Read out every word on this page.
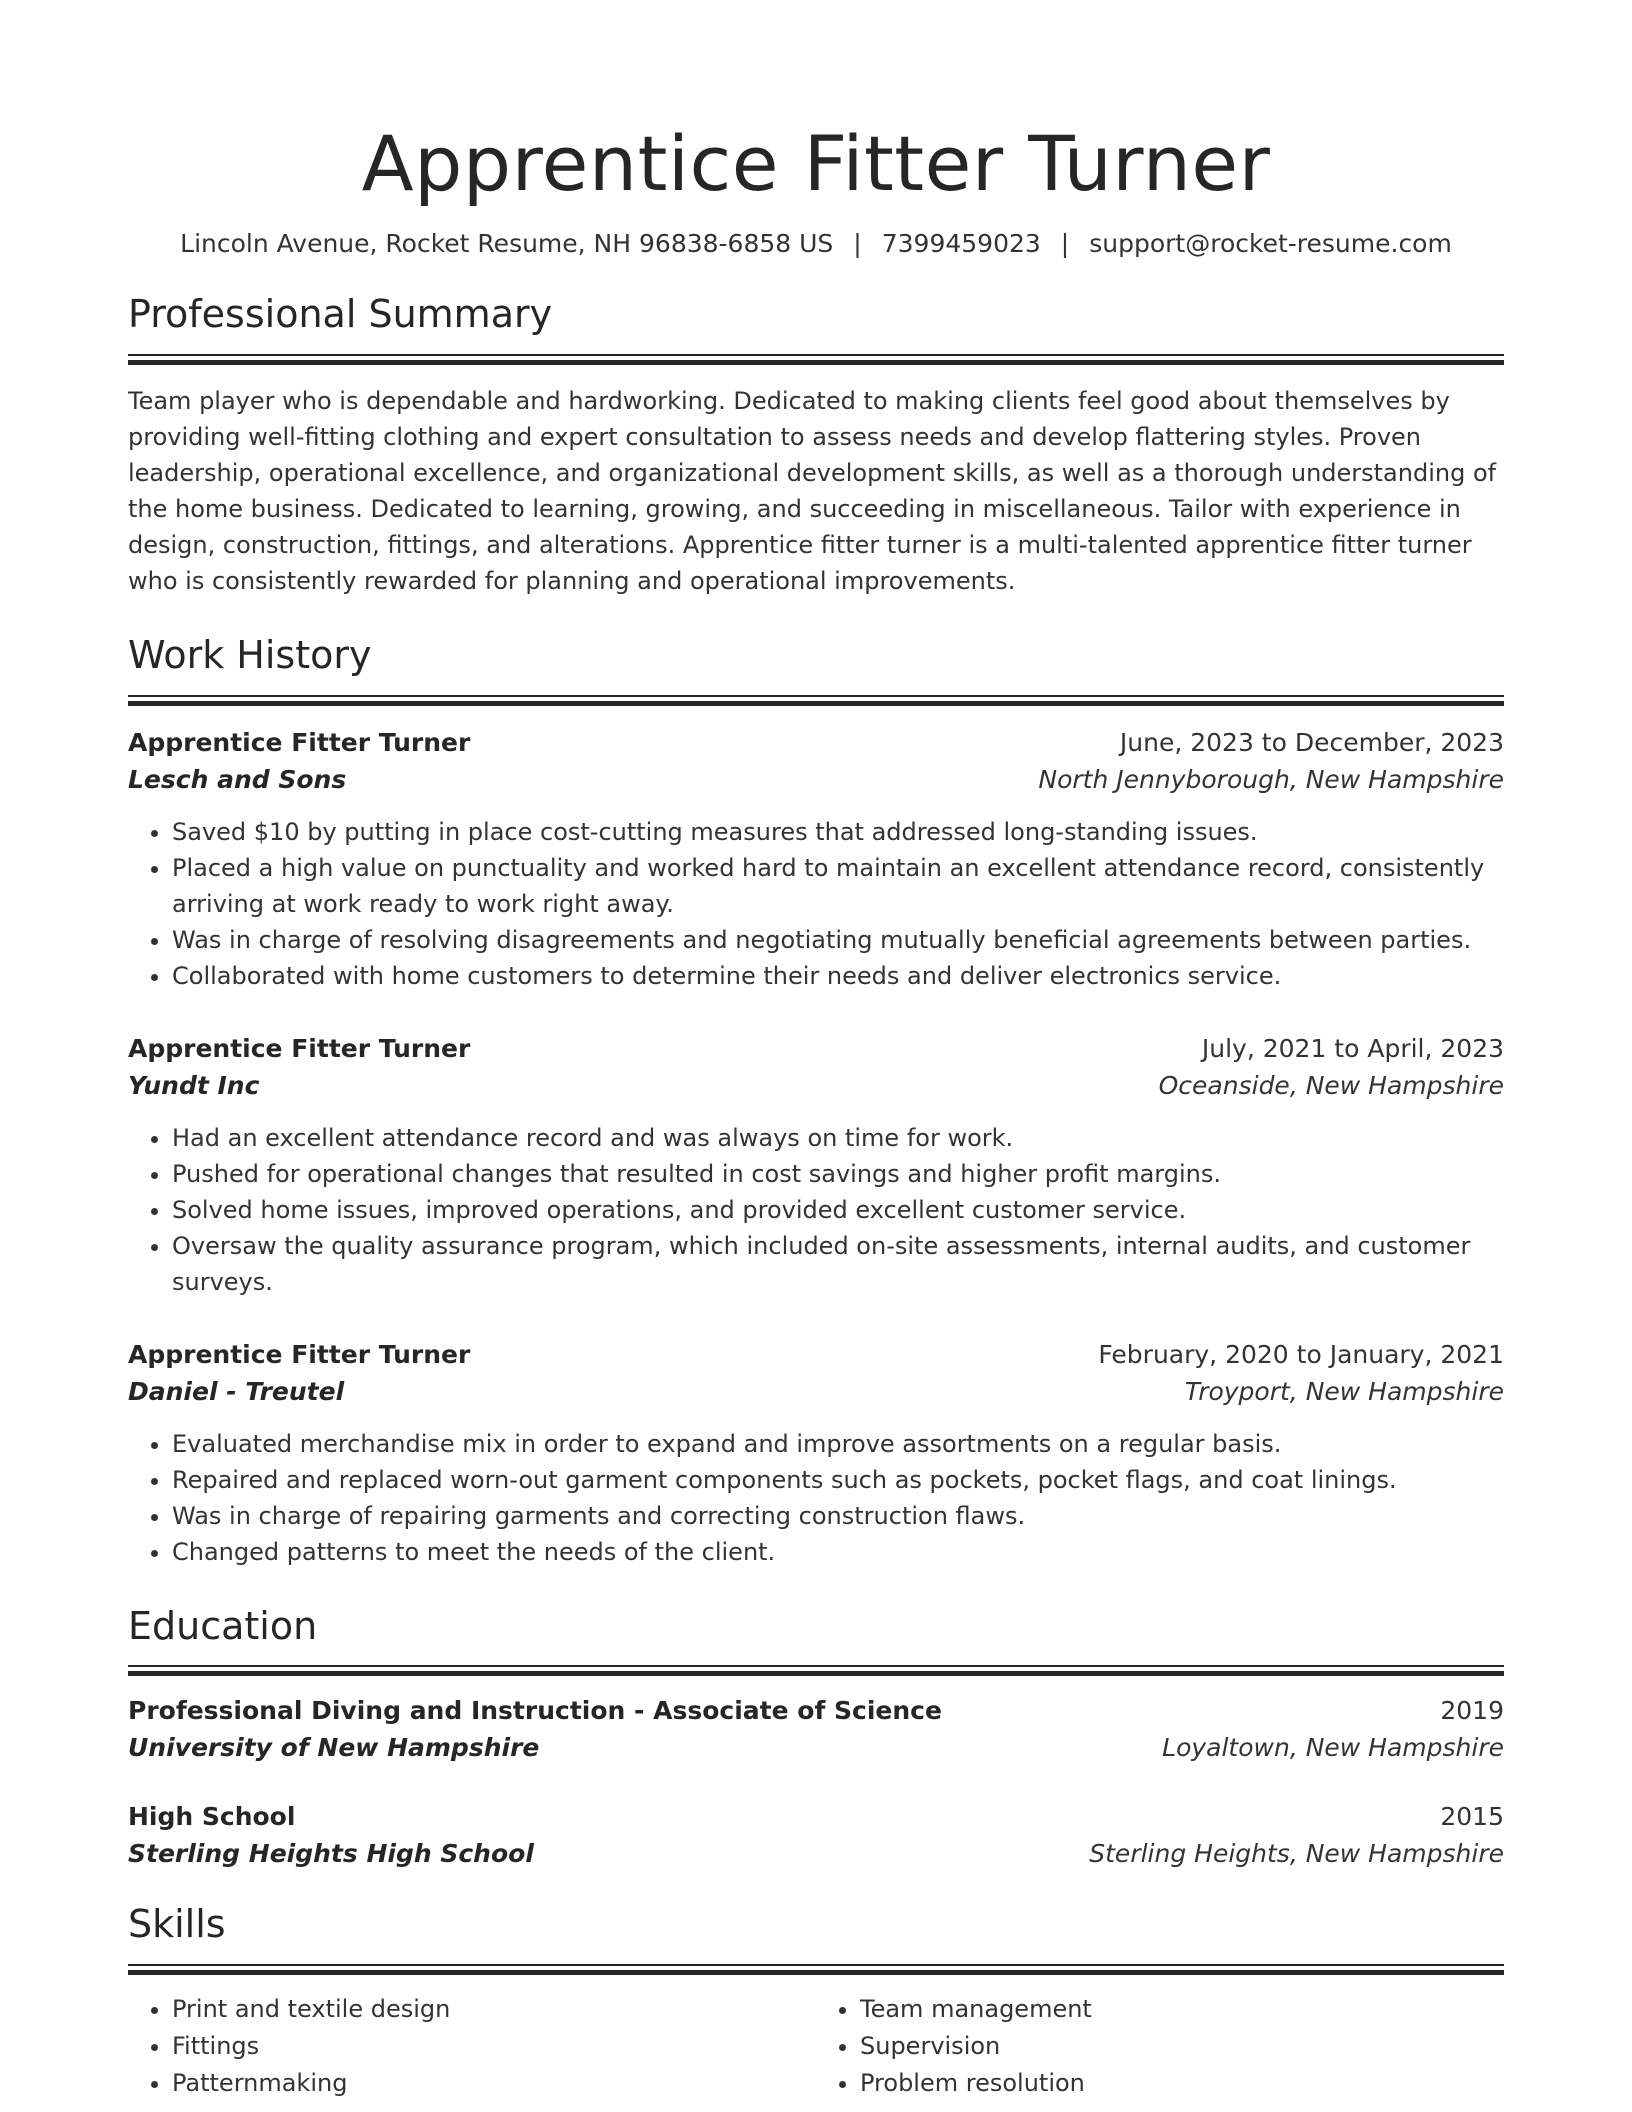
Apprentice Fitter Turner
Lincoln Avenue, Rocket Resume, NH 96838-6858 US | 7399459023 | support@rocket-resume.com
Professional Summary
Team player who is dependable and hardworking. Dedicated to making clients feel good about themselves by providing well-fitting clothing and expert consultation to assess needs and develop flattering styles. Proven leadership, operational excellence, and organizational development skills, as well as a thorough understanding of the home business. Dedicated to learning, growing, and succeeding in miscellaneous. Tailor with experience in design, construction, fittings, and alterations. Apprentice fitter turner is a multi-talented apprentice fitter turner who is consistently rewarded for planning and operational improvements.
Work History
Apprentice Fitter Turner	June, 2023 to December, 2023
Lesch and Sons	North Jennyborough, New Hampshire
• Saved $10 by putting in place cost-cutting measures that addressed long-standing issues.
• Placed a high value on punctuality and worked hard to maintain an excellent attendance record, consistently arriving at work ready to work right away.
• Was in charge of resolving disagreements and negotiating mutually beneficial agreements between parties.
• Collaborated with home customers to determine their needs and deliver electronics service.
Apprentice Fitter Turner	July, 2021 to April, 2023
Yundt Inc	Oceanside, New Hampshire
• Had an excellent attendance record and was always on time for work.
• Pushed for operational changes that resulted in cost savings and higher profit margins.
• Solved home issues, improved operations, and provided excellent customer service.
• Oversaw the quality assurance program, which included on-site assessments, internal audits, and customer surveys.
Apprentice Fitter Turner	February, 2020 to January, 2021
Daniel - Treutel	Troyport, New Hampshire
• Evaluated merchandise mix in order to expand and improve assortments on a regular basis.
• Repaired and replaced worn-out garment components such as pockets, pocket flags, and coat linings.
• Was in charge of repairing garments and correcting construction flaws.
• Changed patterns to meet the needs of the client.
Education
Professional Diving and Instruction - Associate of Science	2019
University of New Hampshire	Loyaltown, New Hampshire
High School	2015
Sterling Heights High School	Sterling Heights, New Hampshire
Skills
• Print and textile design
• Fittings
• Patternmaking
• Team management
• Supervision
• Problem resolution
